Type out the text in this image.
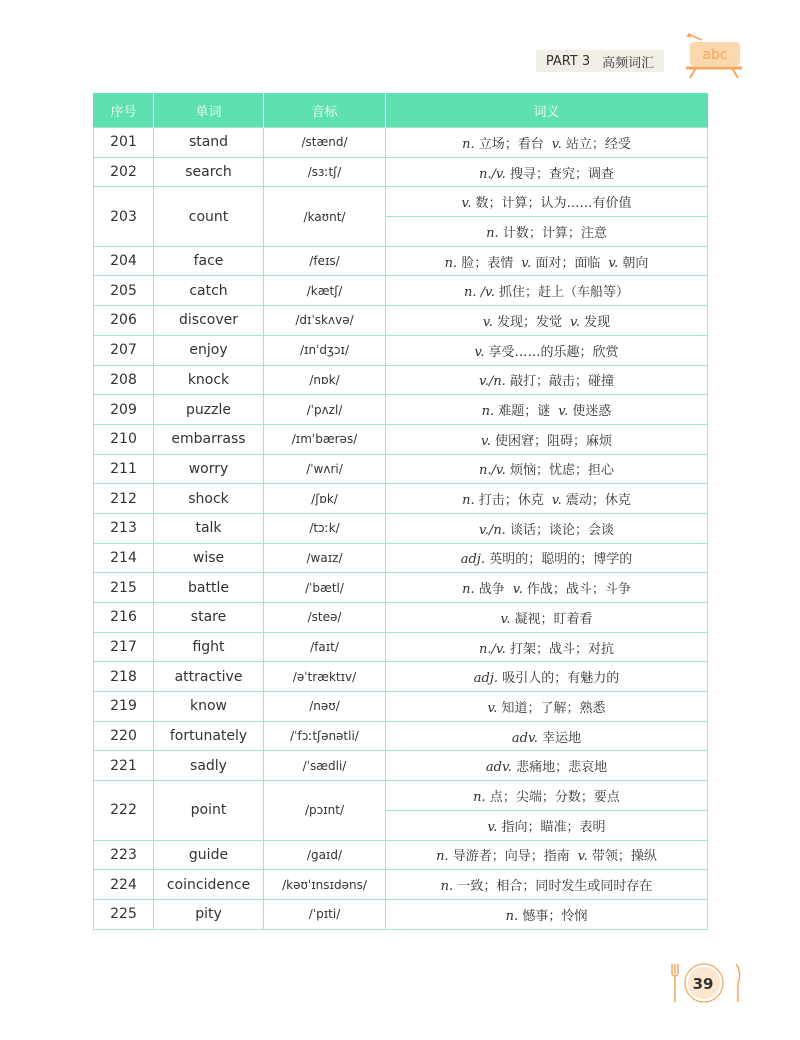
PART 3 高频词汇	abc
序号	单词	音标	词义
201	stand	/stænd/	n. 立场；看台 v. 站立；经受
202	search	/sɜːtʃ/	n./v. 搜寻；查究；调查
203	count	/kaʊnt/	v. 数；计算；认为……有价值
			n. 计数；计算；注意
204	face	/feɪs/	n. 脸；表情 v. 面对；面临 v. 朝向
205	catch	/kætʃ/	n. /v. 抓住；赶上（车船等）
206	discover	/dɪˈskʌvə/	v. 发现；发觉 v. 发现
207	enjoy	/ɪnˈdʒɔɪ/	v. 享受……的乐趣；欣赏
208	knock	/nɒk/	v./n. 敲打；敲击；碰撞
209	puzzle	/ˈpʌzl/	n. 难题；谜 v. 使迷惑
210	embarrass	/ɪmˈbærəs/	v. 使困窘；阻碍；麻烦
211	worry	/ˈwʌri/	n./v. 烦恼；忧虑；担心
212	shock	/ʃɒk/	n. 打击；休克 v. 震动；休克
213	talk	/tɔːk/	v./n. 谈话；谈论；会谈
214	wise	/waɪz/	adj. 英明的；聪明的；博学的
215	battle	/ˈbætl/	n. 战争 v. 作战；战斗；斗争
216	stare	/steə/	v. 凝视；盯着看
217	fight	/faɪt/	n./v. 打架；战斗；对抗
218	attractive	/əˈtræktɪv/	adj. 吸引人的；有魅力的
219	know	/nəʊ/	v. 知道；了解；熟悉
220	fortunately	/ˈfɔːtʃənətli/	adv. 幸运地
221	sadly	/ˈsædli/	adv. 悲痛地；悲哀地
222	point	/pɔɪnt/	n. 点；尖端；分数；要点
			v. 指向；瞄准；表明
223	guide	/gaɪd/	n. 导游者；向导；指南 v. 带领；操纵
224	coincidence	/kəʊˈɪnsɪdəns/	n. 一致；相合；同时发生或同时存在
225	pity	/ˈpɪti/	n. 憾事；怜悯
39
